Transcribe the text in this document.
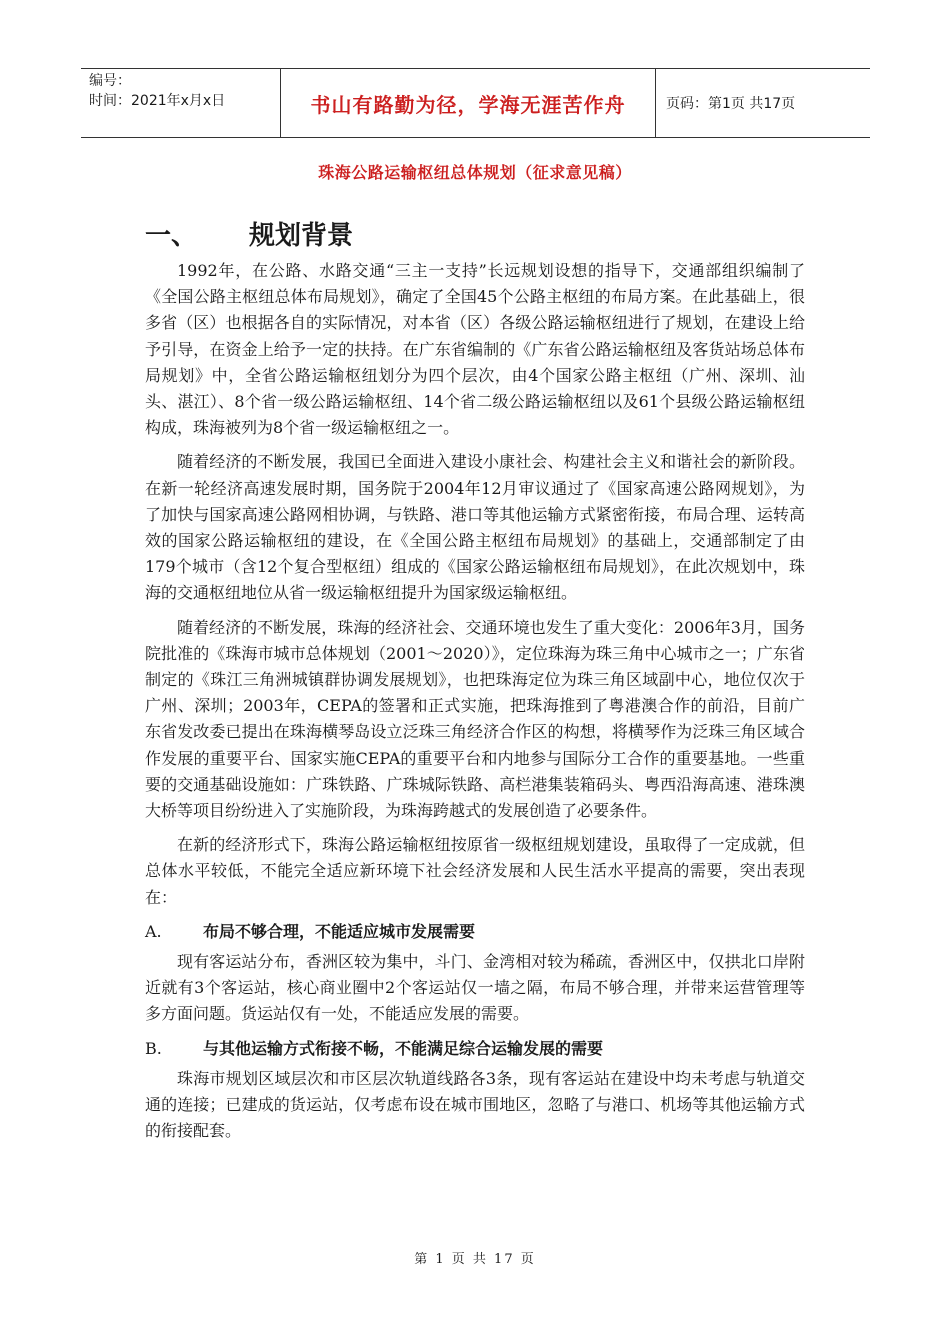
编号：
时间：2021年x月x日	书山有路勤为径，学海无涯苦作舟	页码：第1页 共17页
珠海公路运输枢纽总体规划（征求意见稿）
一、	规划背景

1992年，在公路、水路交通“三主一支持”长远规划设想的指导下，交通部组织编制了《全国公路主枢纽总体布局规划》，确定了全国45个公路主枢纽的布局方案。在此基础上，很多省（区）也根据各自的实际情况，对本省（区）各级公路运输枢纽进行了规划，在建设上给予引导，在资金上给予一定的扶持。在广东省编制的《广东省公路运输枢纽及客货站场总体布局规划》中，全省公路运输枢纽划分为四个层次，由4个国家公路主枢纽（广州、深圳、汕头、湛江）、8个省一级公路运输枢纽、14个省二级公路运输枢纽以及61个县级公路运输枢纽构成，珠海被列为8个省一级运输枢纽之一。

随着经济的不断发展，我国已全面进入建设小康社会、构建社会主义和谐社会的新阶段。在新一轮经济高速发展时期，国务院于2004年12月审议通过了《国家高速公路网规划》，为了加快与国家高速公路网相协调，与铁路、港口等其他运输方式紧密衔接，布局合理、运转高效的国家公路运输枢纽的建设，在《全国公路主枢纽布局规划》的基础上，交通部制定了由179个城市（含12个复合型枢纽）组成的《国家公路运输枢纽布局规划》，在此次规划中，珠海的交通枢纽地位从省一级运输枢纽提升为国家级运输枢纽。

随着经济的不断发展，珠海的经济社会、交通环境也发生了重大变化：2006年3月，国务院批准的《珠海市城市总体规划（2001～2020）》，定位珠海为珠三角中心城市之一；广东省制定的《珠江三角洲城镇群协调发展规划》，也把珠海定位为珠三角区域副中心，地位仅次于广州、深圳；2003年，CEPA的签署和正式实施，把珠海推到了粤港澳合作的前沿，目前广东省发改委已提出在珠海横琴岛设立泛珠三角经济合作区的构想，将横琴作为泛珠三角区域合作发展的重要平台、国家实施CEPA的重要平台和内地参与国际分工合作的重要基地。一些重要的交通基础设施如：广珠铁路、广珠城际铁路、高栏港集装箱码头、粤西沿海高速、港珠澳大桥等项目纷纷进入了实施阶段，为珠海跨越式的发展创造了必要条件。

在新的经济形式下，珠海公路运输枢纽按原省一级枢纽规划建设，虽取得了一定成就，但总体水平较低，不能完全适应新环境下社会经济发展和人民生活水平提高的需要，突出表现在：

A.	布局不够合理，不能适应城市发展需要

现有客运站分布，香洲区较为集中，斗门、金湾相对较为稀疏，香洲区中，仅拱北口岸附近就有3个客运站，核心商业圈中2个客运站仅一墙之隔，布局不够合理，并带来运营管理等多方面问题。货运站仅有一处，不能适应发展的需要。

B.	与其他运输方式衔接不畅，不能满足综合运输发展的需要

珠海市规划区域层次和市区层次轨道线路各3条，现有客运站在建设中均未考虑与轨道交通的连接；已建成的货运站，仅考虑布设在城市围地区，忽略了与港口、机场等其他运输方式的衔接配套。

第 1 页 共 17 页
